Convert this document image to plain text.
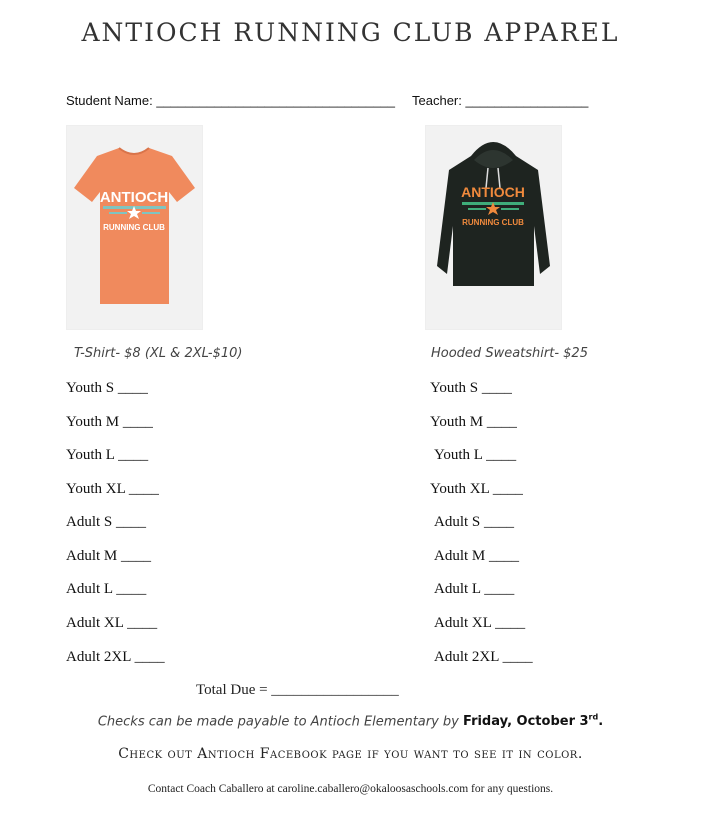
ANTIOCH RUNNING CLUB APPAREL
Student Name: _________________________________ Teacher: _________________
ANTIOCH
RUNNING CLUB
ANTIOCH
RUNNING CLUB
T-Shirt- $8 (XL & 2XL-$10)	Hooded Sweatshirt- $25
Youth S ____
Youth M ____
Youth L ____
Youth XL ____
Adult S ____
Adult M ____
Adult L ____
Adult XL ____
Adult 2XL ____
Youth S ____
Youth M ____
Youth L ____
Youth XL ____
Adult S ____
Adult M ____
Adult L ____
Adult XL ____
Adult 2XL ____
Total Due = _________________
Checks can be made payable to Antioch Elementary by Friday, October 3rd.
Check out Antioch Facebook page if you want to see it in color.
Contact Coach Caballero at caroline.caballero@okaloosaschools.com for any questions.
